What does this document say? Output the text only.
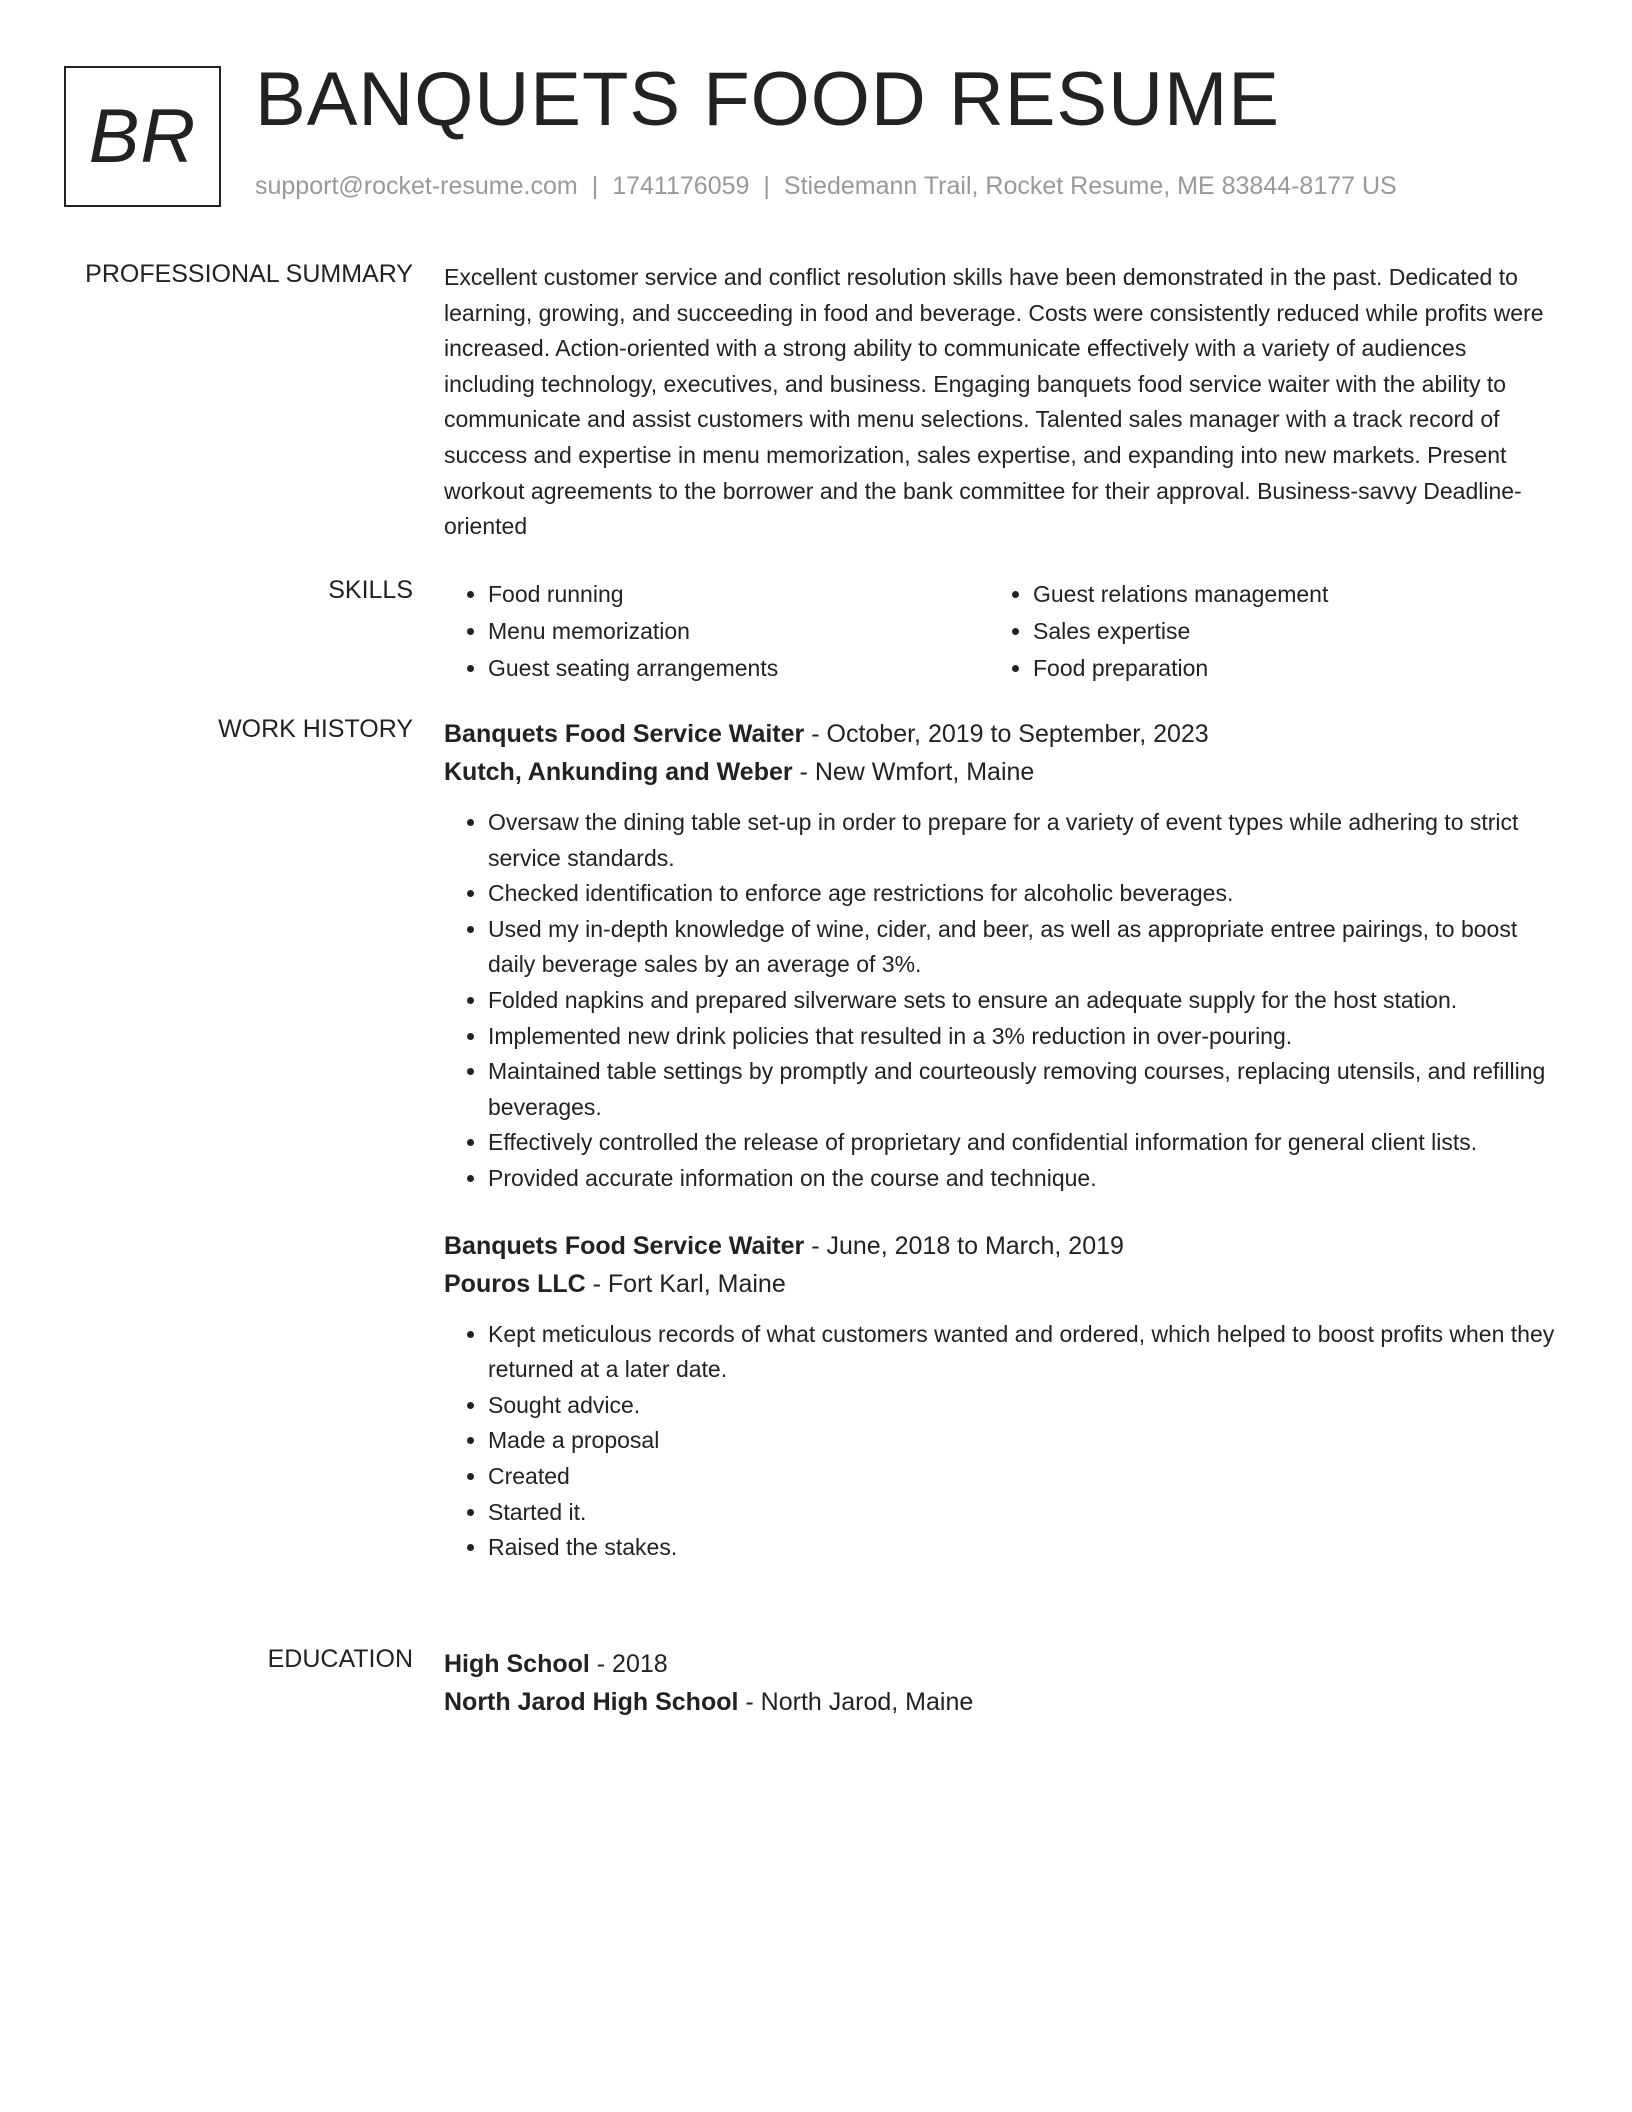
BR BANQUETS FOOD RESUME
support@rocket-resume.com | 1741176059 | Stiedemann Trail, Rocket Resume, ME 83844-8177 US
PROFESSIONAL SUMMARY Excellent customer service and conflict resolution skills have been demonstrated in the past. Dedicated to learning, growing, and succeeding in food and beverage. Costs were consistently reduced while profits were increased. Action-oriented with a strong ability to communicate effectively with a variety of audiences including technology, executives, and business. Engaging banquets food service waiter with the ability to communicate and assist customers with menu selections. Talented sales manager with a track record of success and expertise in menu memorization, sales expertise, and expanding into new markets. Present workout agreements to the borrower and the bank committee for their approval. Business-savvy Deadline-oriented

SKILLS
•	Food running
• Menu memorization
• Guest seating arrangements
• Guest relations management
• Sales expertise
• Food preparation
WORK HISTORY Banquets Food Service Waiter - October, 2019 to September, 2023
Kutch, Ankunding and Weber - New Wmfort, Maine
• Oversaw the dining table set-up in order to prepare for a variety of event types while adhering to strict service standards.
• Checked identification to enforce age restrictions for alcoholic beverages.
• Used my in-depth knowledge of wine, cider, and beer, as well as appropriate entree pairings, to boost daily beverage sales by an average of 3%.
• Folded napkins and prepared silverware sets to ensure an adequate supply for the host station.
• Implemented new drink policies that resulted in a 3% reduction in over-pouring.
• Maintained table settings by promptly and courteously removing courses, replacing utensils, and refilling beverages.
• Effectively controlled the release of proprietary and confidential information for general client lists.
• Provided accurate information on the course and technique.
Banquets Food Service Waiter - June, 2018 to March, 2019
Pouros LLC - Fort Karl, Maine
• Kept meticulous records of what customers wanted and ordered, which helped to boost profits when they returned at a later date.
• Sought advice.
• Made a proposal
• Created
• Started it.
• Raised the stakes.
EDUCATION High School - 2018
North Jarod High School - North Jarod, Maine
